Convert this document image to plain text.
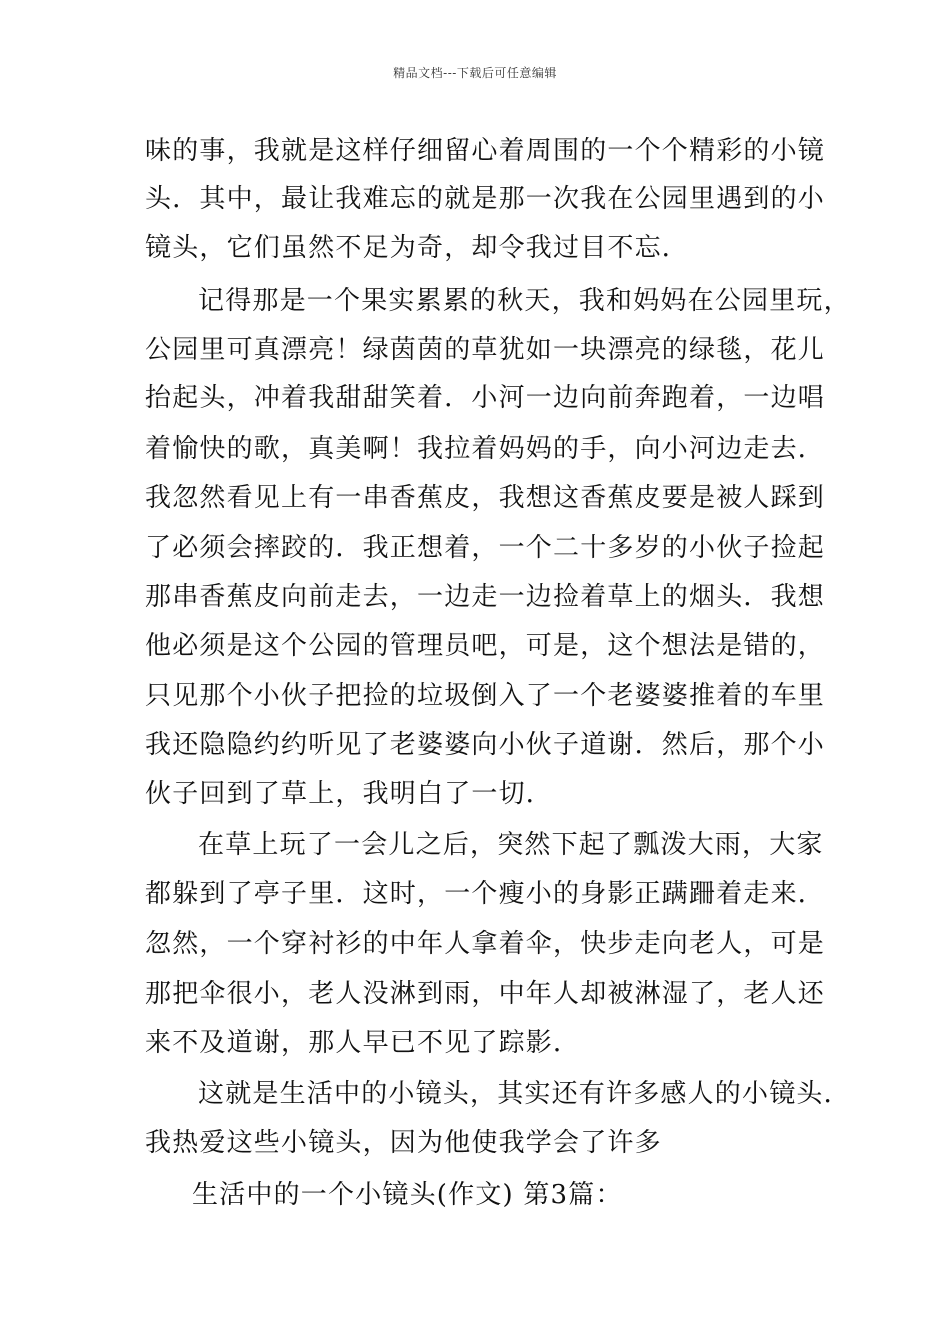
精品文档---下载后可任意编辑
味的事，我就是这样仔细留心着周围的一个个精彩的小镜
头．其中，最让我难忘的就是那一次我在公园里遇到的小
镜头，它们虽然不足为奇，却令我过目不忘．
记得那是一个果实累累的秋天，我和妈妈在公园里玩，
公园里可真漂亮！绿茵茵的草犹如一块漂亮的绿毯，花儿
抬起头，冲着我甜甜笑着．小河一边向前奔跑着，一边唱
着愉快的歌，真美啊！我拉着妈妈的手，向小河边走去．
我忽然看见上有一串香蕉皮，我想这香蕉皮要是被人踩到
了必须会摔跤的．我正想着，一个二十多岁的小伙子捡起
那串香蕉皮向前走去，一边走一边捡着草上的烟头．我想
他必须是这个公园的管理员吧，可是，这个想法是错的，
只见那个小伙子把捡的垃圾倒入了一个老婆婆推着的车里
我还隐隐约约听见了老婆婆向小伙子道谢．然后，那个小
伙子回到了草上，我明白了一切．
在草上玩了一会儿之后，突然下起了瓢泼大雨，大家
都躲到了亭子里．这时，一个瘦小的身影正蹒跚着走来．
忽然，一个穿衬衫的中年人拿着伞，快步走向老人，可是
那把伞很小，老人没淋到雨，中年人却被淋湿了，老人还
来不及道谢，那人早已不见了踪影．
这就是生活中的小镜头，其实还有许多感人的小镜头．
我热爱这些小镜头，因为他使我学会了许多
生活中的一个小镜头(作文) 第3篇：
